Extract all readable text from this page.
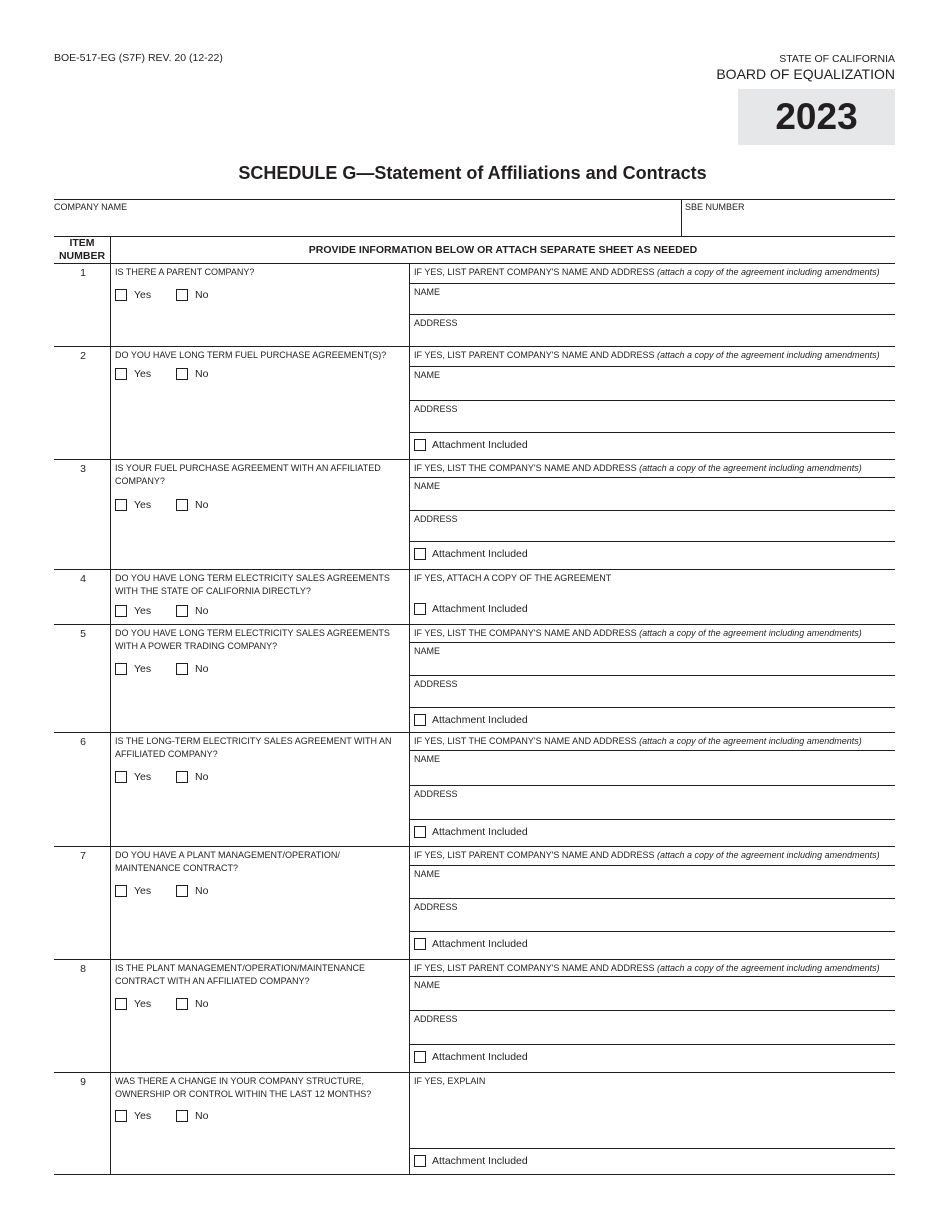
BOE-517-EG (S7F) REV. 20 (12-22)	STATE OF CALIFORNIA
BOARD OF EQUALIZATION
2023
SCHEDULE G—Statement of Affiliations and Contracts
COMPANY NAME	SBE NUMBER
ITEM NUMBER	PROVIDE INFORMATION BELOW OR ATTACH SEPARATE SHEET AS NEEDED
1	IS THERE A PARENT COMPANY?
Yes	No
IF YES, LIST PARENT COMPANY'S NAME AND ADDRESS (attach a copy of the agreement including amendments)
NAME
ADDRESS
2	DO YOU HAVE LONG TERM FUEL PURCHASE AGREEMENT(S)?
Yes	No
IF YES, LIST PARENT COMPANY'S NAME AND ADDRESS (attach a copy of the agreement including amendments)
NAME
ADDRESS
Attachment Included
3	IS YOUR FUEL PURCHASE AGREEMENT WITH AN AFFILIATED
COMPANY?
Yes	No
IF YES, LIST THE COMPANY'S NAME AND ADDRESS (attach a copy of the agreement including amendments)
NAME
ADDRESS
Attachment Included
4	DO YOU HAVE LONG TERM ELECTRICITY SALES AGREEMENTS
WITH THE STATE OF CALIFORNIA DIRECTLY?
Yes	No
IF YES, ATTACH A COPY OF THE AGREEMENT
Attachment Included
5	DO YOU HAVE LONG TERM ELECTRICITY SALES AGREEMENTS
WITH A POWER TRADING COMPANY?
Yes	No
IF YES, LIST THE COMPANY'S NAME AND ADDRESS (attach a copy of the agreement including amendments)
NAME
ADDRESS
Attachment Included
6	IS THE LONG-TERM ELECTRICITY SALES AGREEMENT WITH AN
AFFILIATED COMPANY?
Yes	No
IF YES, LIST THE COMPANY'S NAME AND ADDRESS (attach a copy of the agreement including amendments)
NAME
ADDRESS
Attachment Included
7	DO YOU HAVE A PLANT MANAGEMENT/OPERATION/
MAINTENANCE CONTRACT?
Yes	No
IF YES, LIST PARENT COMPANY'S NAME AND ADDRESS (attach a copy of the agreement including amendments)
NAME
ADDRESS
Attachment Included
8	IS THE PLANT MANAGEMENT/OPERATION/MAINTENANCE
CONTRACT WITH AN AFFILIATED COMPANY?
Yes	No
IF YES, LIST PARENT COMPANY'S NAME AND ADDRESS (attach a copy of the agreement including amendments)
NAME
ADDRESS
Attachment Included
9	WAS THERE A CHANGE IN YOUR COMPANY STRUCTURE,
OWNERSHIP OR CONTROL WITHIN THE LAST 12 MONTHS?
Yes	No
IF YES, EXPLAIN
Attachment Included
